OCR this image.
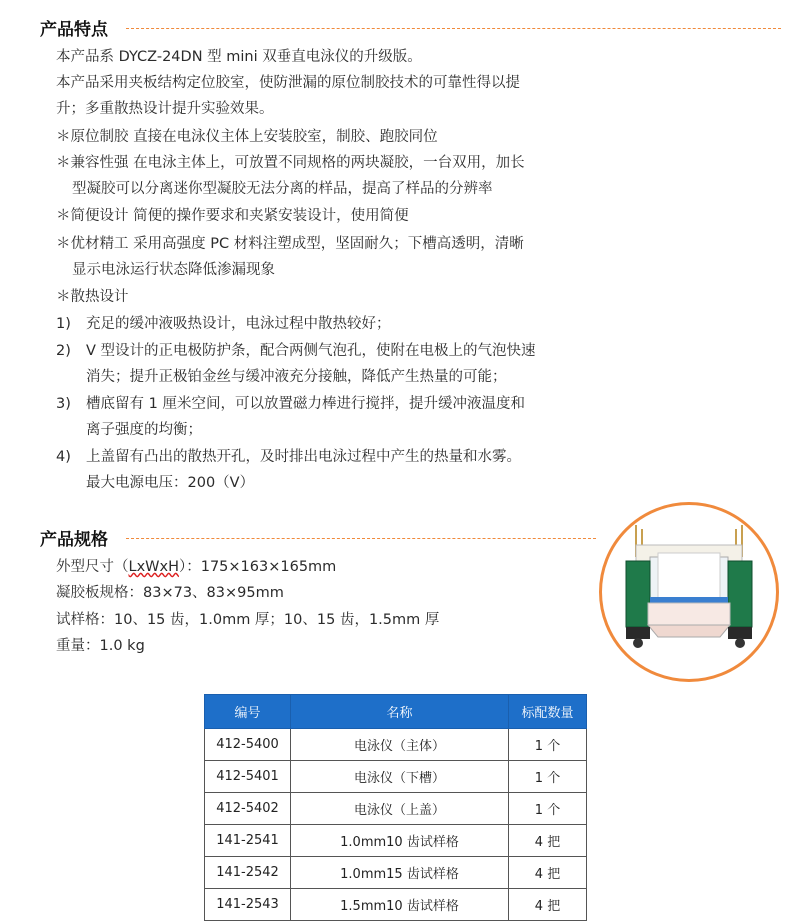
产品特点
本产品系 DYCZ-24DN 型 mini 双垂直电泳仪的升级版。
本产品采用夹板结构定位胶室，使防泄漏的原位制胶技术的可靠性得以提
升；多重散热设计提升实验效果。
＊原位制胶 直接在电泳仪主体上安装胶室，制胶、跑胶同位
＊兼容性强 在电泳主体上，可放置不同规格的两块凝胶，一台双用，加长
型凝胶可以分离迷你型凝胶无法分离的样品，提高了样品的分辨率
＊简便设计 简便的操作要求和夹紧安装设计，使用简便
＊优材精工 采用高强度 PC 材料注塑成型，坚固耐久；下槽高透明，清晰
显示电泳运行状态降低渗漏现象
＊散热设计
1) 充足的缓冲液吸热设计，电泳过程中散热较好；
2) V 型设计的正电极防护条，配合两侧气泡孔，使附在电极上的气泡快速
消失；提升正极铂金丝与缓冲液充分接触，降低产生热量的可能；
3) 槽底留有 1 厘米空间，可以放置磁力棒进行搅拌，提升缓冲液温度和
离子强度的均衡；
4) 上盖留有凸出的散热开孔，及时排出电泳过程中产生的热量和水雾。
最大电源电压：200（V）
产品规格
外型尺寸（LxWxH）：175×163×165mm
凝胶板规格：83×73、83×95mm
试样格：10、15 齿，1.0mm 厚；10、15 齿，1.5mm 厚
重量：1.0 kg
编号	名称	标配数量
412-5400	电泳仪（主体）	1 个
412-5401	电泳仪（下槽）	1 个
412-5402	电泳仪（上盖）	1 个
141-2541	1.0mm10 齿试样格	4 把
141-2542	1.0mm15 齿试样格	4 把
141-2543	1.5mm10 齿试样格	4 把
